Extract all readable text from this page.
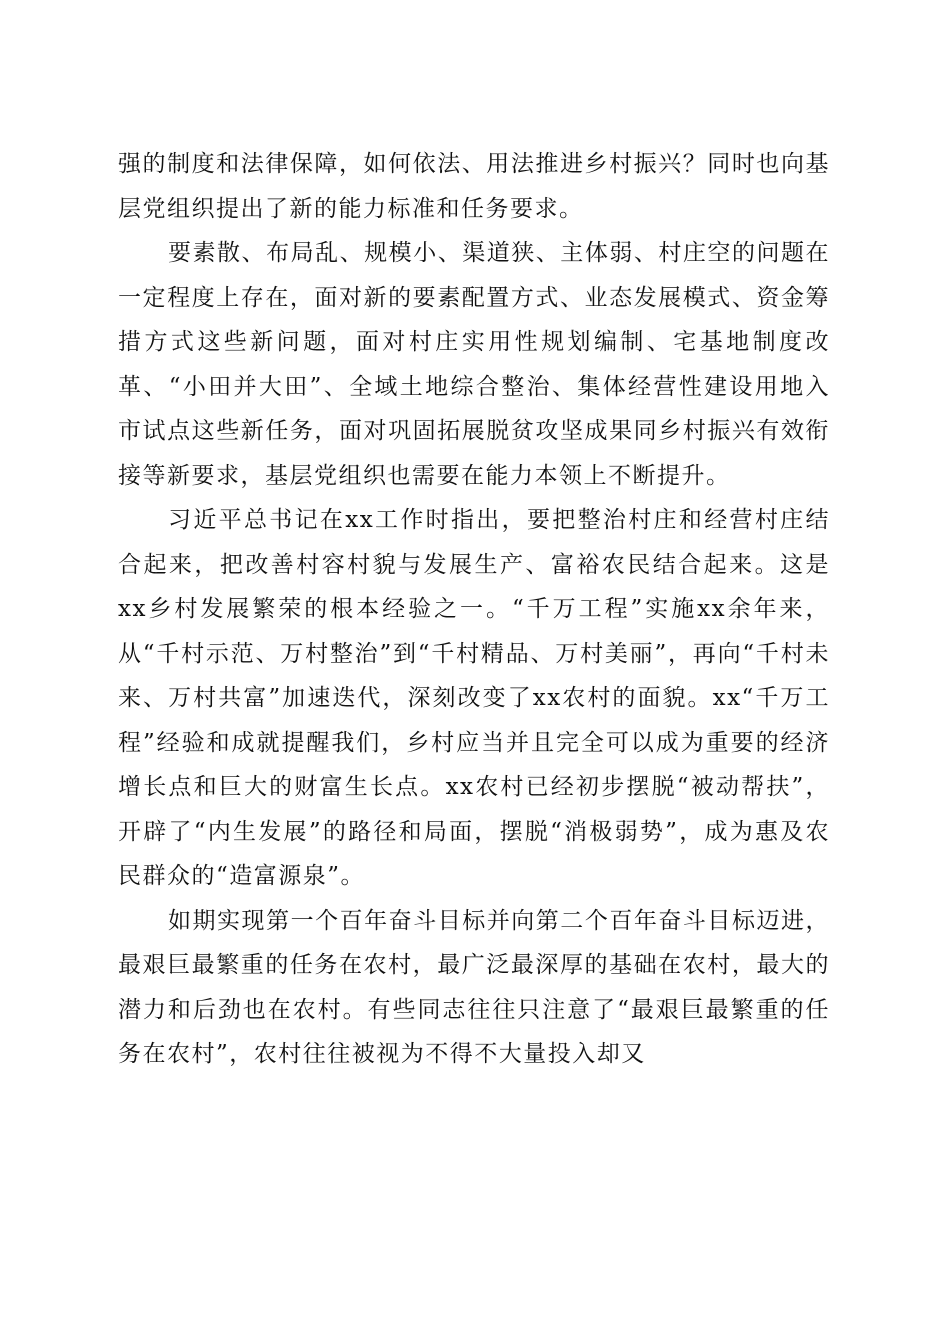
强的制度和法律保障，如何依法、用法推进乡村振兴？同时也向基层党组织提出了新的能力标准和任务要求。

要素散、布局乱、规模小、渠道狭、主体弱、村庄空的问题在一定程度上存在，面对新的要素配置方式、业态发展模式、资金筹措方式这些新问题，面对村庄实用性规划编制、宅基地制度改革、“小田并大田”、全域土地综合整治、集体经营性建设用地入市试点这些新任务，面对巩固拓展脱贫攻坚成果同乡村振兴有效衔接等新要求，基层党组织也需要在能力本领上不断提升。

习近平总书记在xx工作时指出，要把整治村庄和经营村庄结合起来，把改善村容村貌与发展生产、富裕农民结合起来。这是xx乡村发展繁荣的根本经验之一。“千万工程”实施xx余年来，从“千村示范、万村整治”到“千村精品、万村美丽”，再向“千村未来、万村共富”加速迭代，深刻改变了xx农村的面貌。xx“千万工程”经验和成就提醒我们，乡村应当并且完全可以成为重要的经济增长点和巨大的财富生长点。xx农村已经初步摆脱“被动帮扶”，开辟了“内生发展”的路径和局面，摆脱“消极弱势”，成为惠及农民群众的“造富源泉”。

如期实现第一个百年奋斗目标并向第二个百年奋斗目标迈进，最艰巨最繁重的任务在农村，最广泛最深厚的基础在农村，最大的潜力和后劲也在农村。有些同志往往只注意了“最艰巨最繁重的任务在农村”，农村往往被视为不得不大量投入却又
